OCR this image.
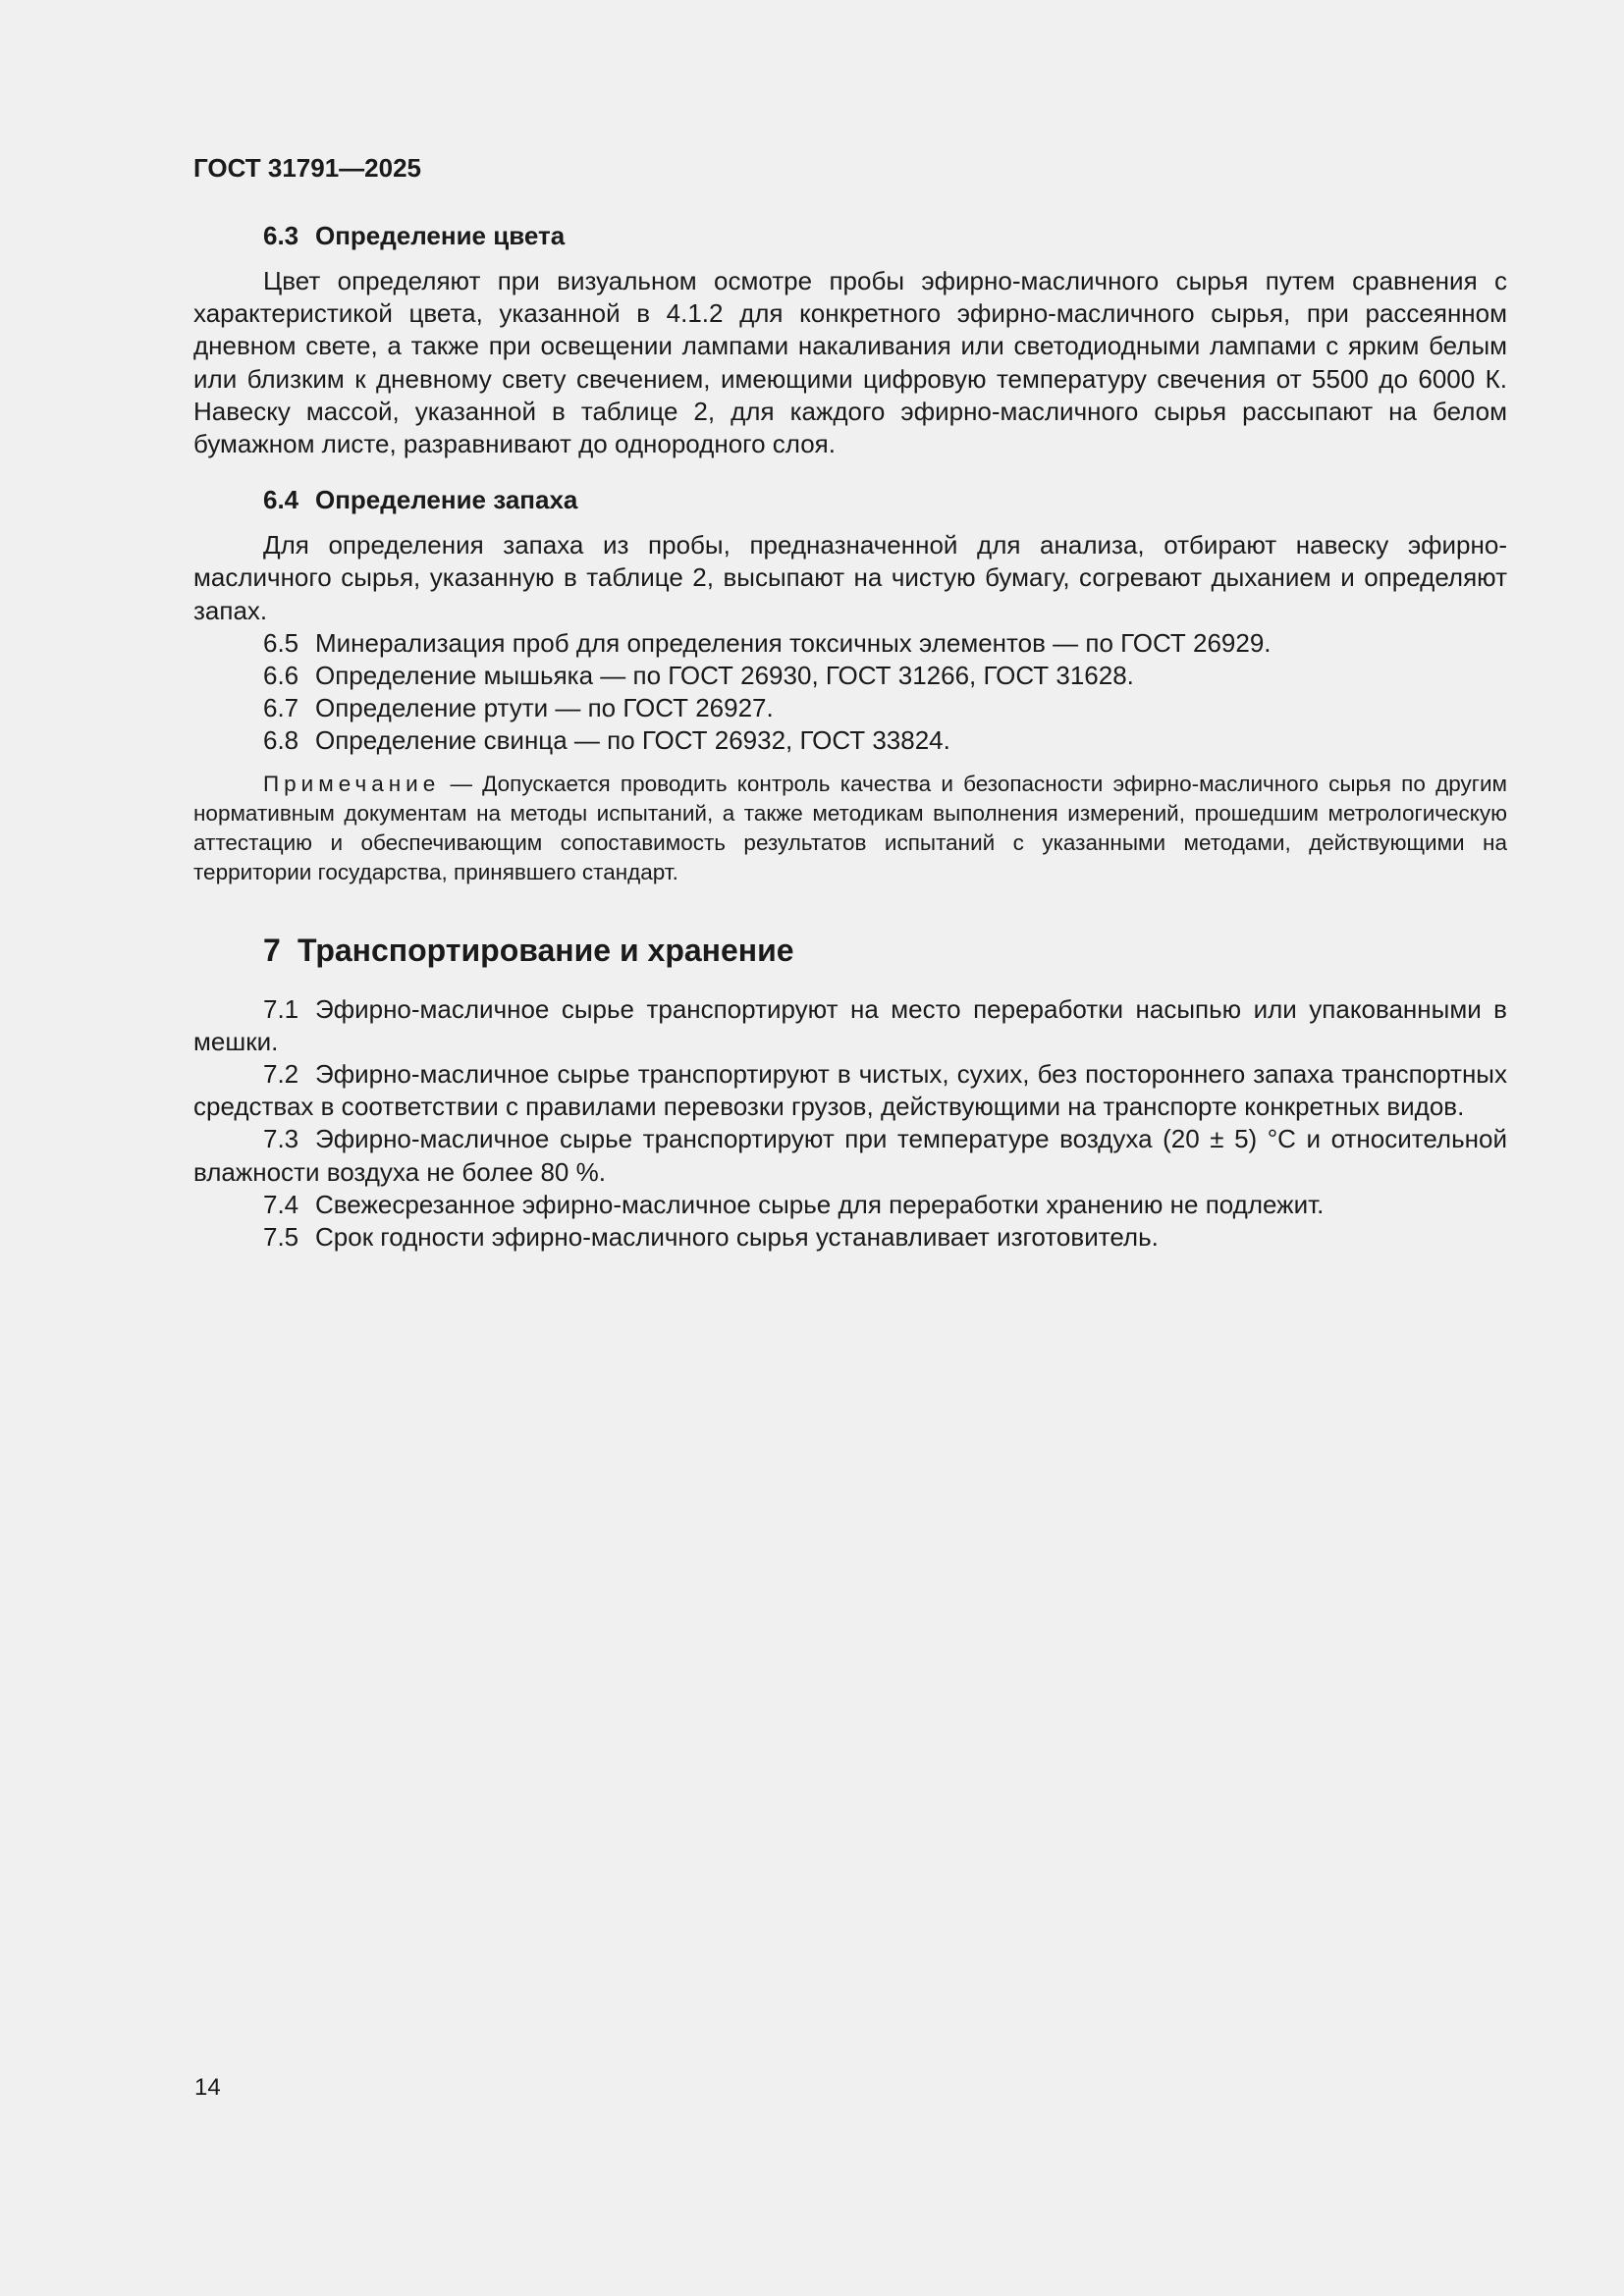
ГОСТ 31791—2025
6.3 Определение цвета

Цвет определяют при визуальном осмотре пробы эфирно-масличного сырья путем сравнения с характеристикой цвета, указанной в 4.1.2 для конкретного эфирно-масличного сырья, при рассеянном дневном свете, а также при освещении лампами накаливания или светодиодными лампами с ярким белым или близким к дневному свету свечением, имеющими цифровую температуру свечения от 5500 до 6000 К. Навеску массой, указанной в таблице 2, для каждого эфирно-масличного сырья рассыпают на белом бумажном листе, разравнивают до однородного слоя.

6.4 Определение запаха

Для определения запаха из пробы, предназначенной для анализа, отбирают навеску эфирно-масличного сырья, указанную в таблице 2, высыпают на чистую бумагу, согревают дыханием и определяют запах.

6.5 Минерализация проб для определения токсичных элементов — по ГОСТ 26929.

6.6 Определение мышьяка — по ГОСТ 26930, ГОСТ 31266, ГОСТ 31628.

6.7 Определение ртути — по ГОСТ 26927.

6.8 Определение свинца — по ГОСТ 26932, ГОСТ 33824.

Примечание — Допускается проводить контроль качества и безопасности эфирно-масличного сырья по другим нормативным документам на методы испытаний, а также методикам выполнения измерений, прошедшим метрологическую аттестацию и обеспечивающим сопоставимость результатов испытаний с указанными методами, действующими на территории государства, принявшего стандарт.

7 Транспортирование и хранение

7.1 Эфирно-масличное сырье транспортируют на место переработки насыпью или упакованными в мешки.

7.2 Эфирно-масличное сырье транспортируют в чистых, сухих, без постороннего запаха транспортных средствах в соответствии с правилами перевозки грузов, действующими на транспорте конкретных видов.

7.3 Эфирно-масличное сырье транспортируют при температуре воздуха (20 ± 5) °С и относительной влажности воздуха не более 80 %.

7.4 Свежесрезанное эфирно-масличное сырье для переработки хранению не подлежит.

7.5 Срок годности эфирно-масличного сырья устанавливает изготовитель.

14
